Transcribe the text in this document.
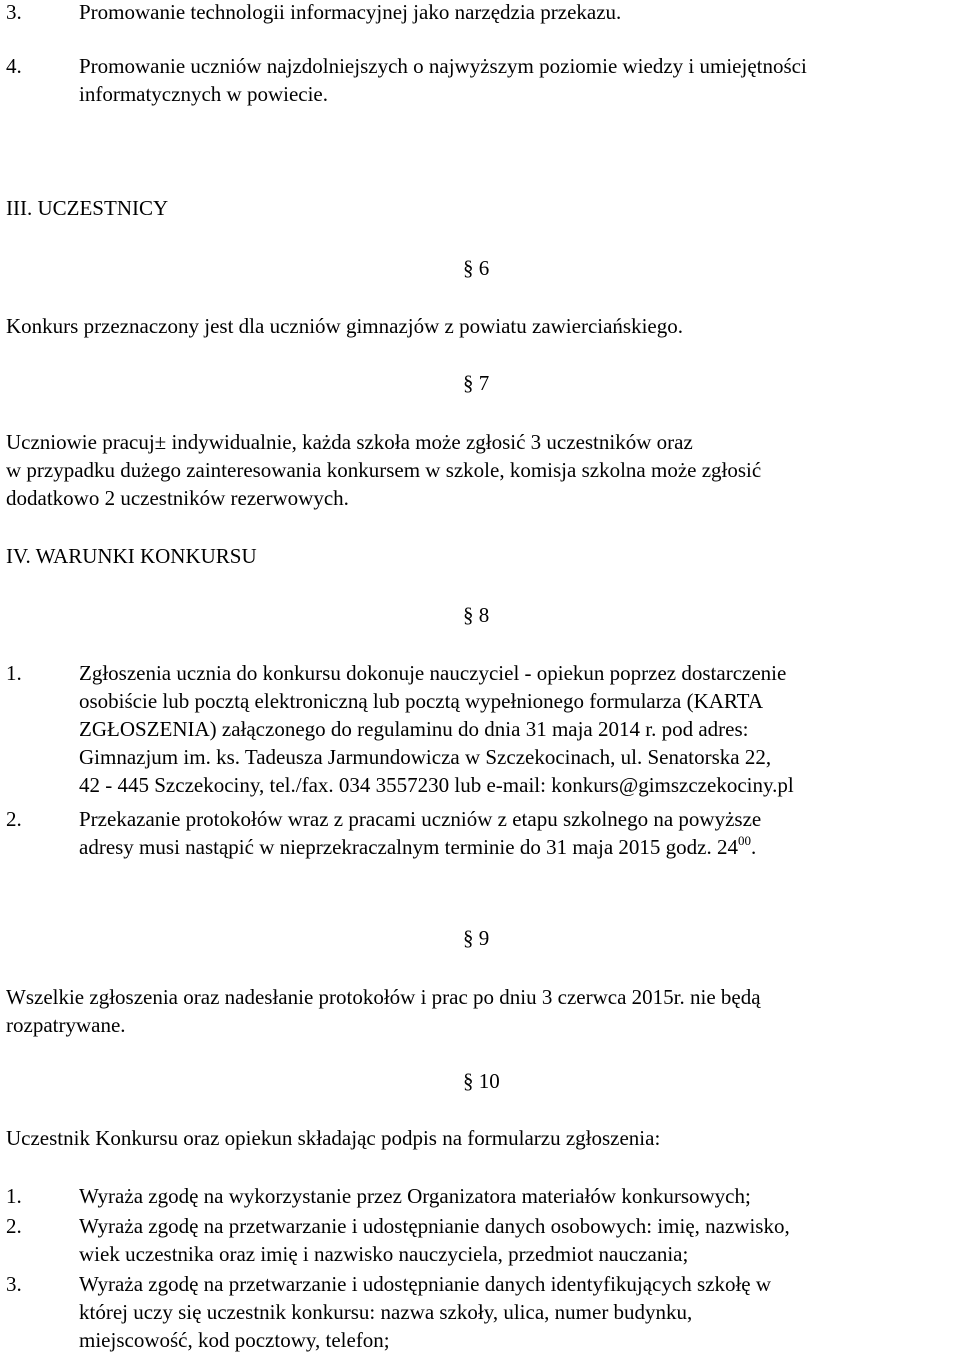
3.	Promowanie technologii informacyjnej jako narzędzia przekazu.

4.	Promowanie uczniów najzdolniejszych o najwyższym poziomie wiedzy i umiejętności

informatycznych w powiecie.

III. UCZESTNICY
§ 6
Konkurs przeznaczony jest dla uczniów gimnazjów z powiatu zawierciańskiego.
§ 7

Uczniowie pracuj± indywidualnie, każda szkoła może zgłosić 3 uczestników oraz

w przypadku dużego zainteresowania konkursem w szkole, komisja szkolna może zgłosić

dodatkowo 2 uczestników rezerwowych.

IV. WARUNKI KONKURSU
§ 8
1.	Zgłoszenia ucznia do konkursu dokonuje nauczyciel - opiekun poprzez dostarczenie

osobiście lub pocztą elektroniczną lub pocztą wypełnionego formularza (KARTA

ZGŁOSZENIA) załączonego do regulaminu do dnia 31 maja 2014 r. pod adres:

Gimnazjum im. ks. Tadeusza Jarmundowicza w Szczekocinach, ul. Senatorska 22,

42 - 445 Szczekociny, tel./fax. 034 3557230 lub e-mail: konkurs@gimszczekociny.pl

2.	Przekazanie protokołów wraz z pracami uczniów z etapu szkolnego na powyższe

adresy musi nastąpić w nieprzekraczalnym terminie do 31 maja 2015 godz. $24^{00}$.

§ 9

Wszelkie zgłoszenia oraz nadesłanie protokołów i prac po dniu 3 czerwca 2015r. nie będą

rozpatrywane.

§ 10
Uczestnik Konkursu oraz opiekun składając podpis na formularzu zgłoszenia:
1.	Wyraża zgodę na wykorzystanie przez Organizatora materiałów konkursowych;

2.	Wyraża zgodę na przetwarzanie i udostępnianie danych osobowych: imię, nazwisko,

wiek uczestnika oraz imię i nazwisko nauczyciela, przedmiot nauczania;

3.	Wyraża zgodę na przetwarzanie i udostępnianie danych identyfikujących szkołę w

której uczy się uczestnik konkursu: nazwa szkoły, ulica, numer budynku,

miejscowość, kod pocztowy, telefon;
